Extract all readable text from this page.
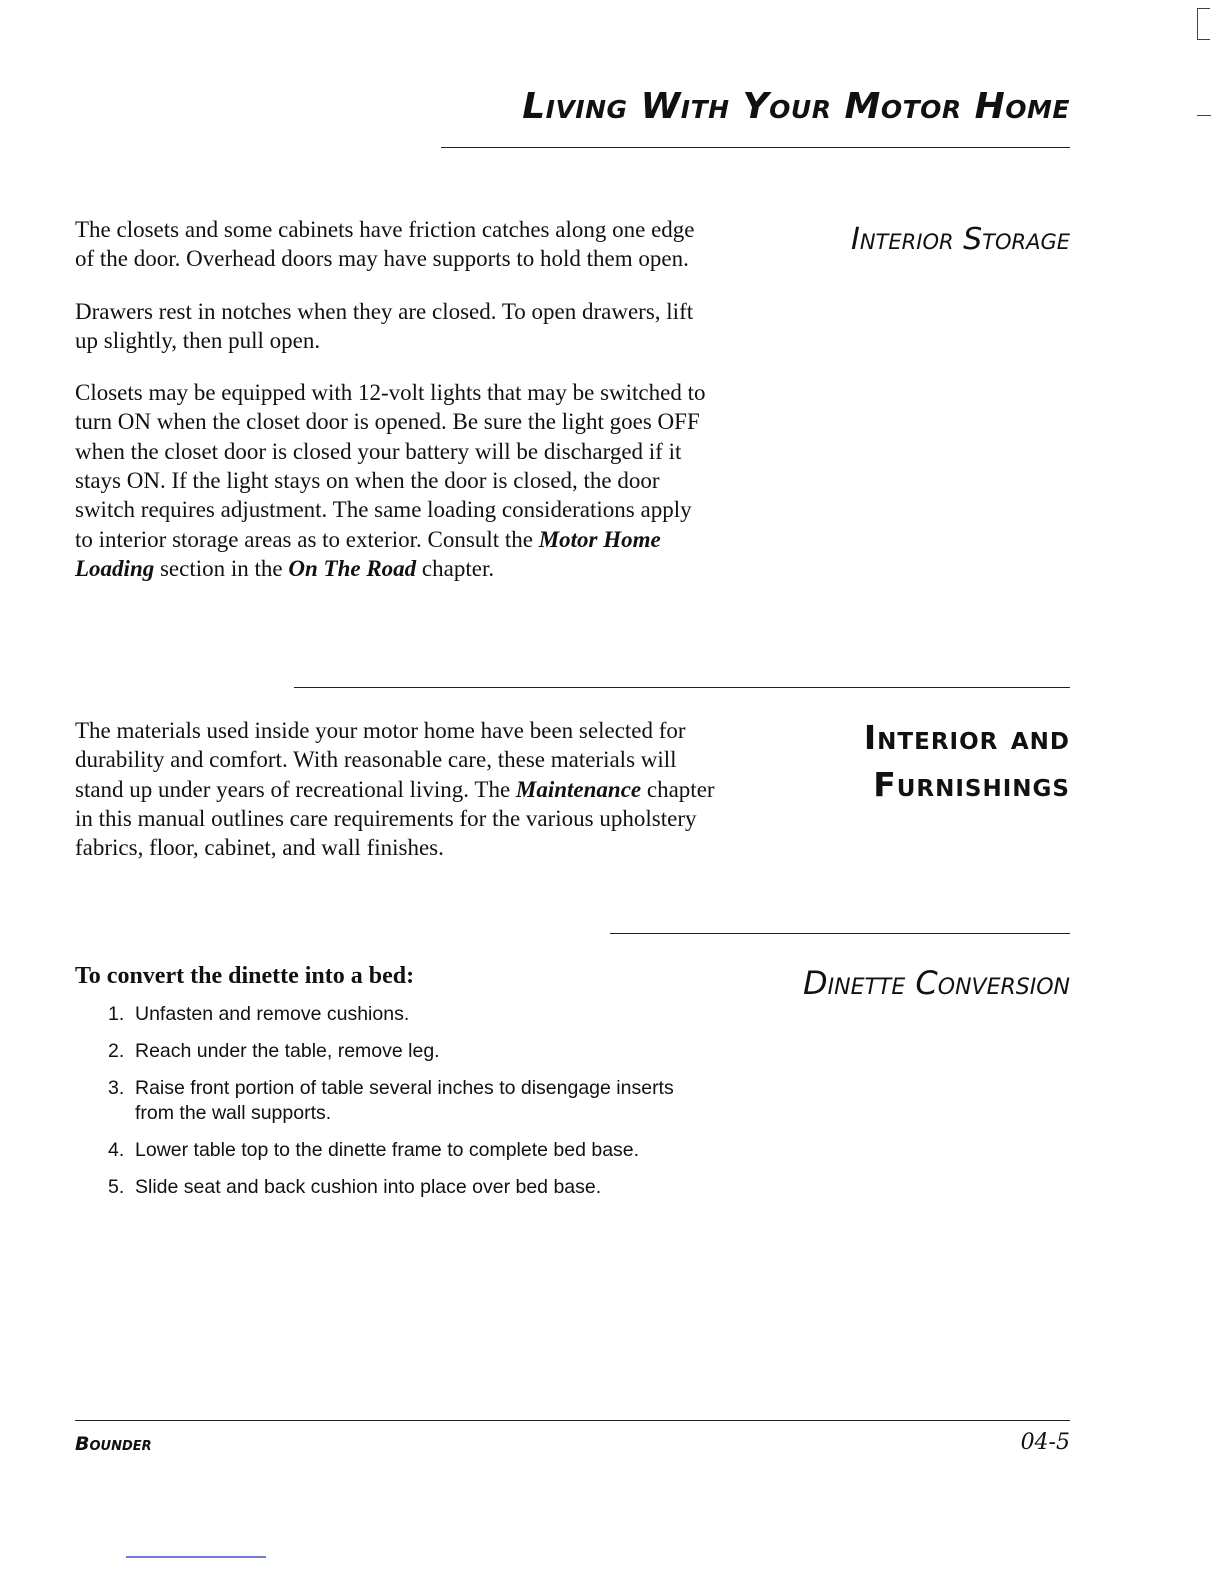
Living With Your Motor Home
Interior Storage

The closets and some cabinets have friction catches along one edge of the door. Overhead doors may have supports to hold them open.

Drawers rest in notches when they are closed. To open drawers, lift up slightly, then pull open.

Closets may be equipped with 12-volt lights that may be switched to turn ON when the closet door is opened. Be sure the light goes OFF when the closet door is closed your battery will be discharged if it stays ON. If the light stays on when the door is closed, the door switch requires adjustment. The same loading considerations apply to interior storage areas as to exterior. Consult the Motor Home Loading section in the On The Road chapter.

Interior and
Furnishings

The materials used inside your motor home have been selected for durability and comfort. With reasonable care, these materials will stand up under years of recreational living. The Maintenance chapter in this manual outlines care requirements for the various upholstery fabrics, floor, cabinet, and wall finishes.

Dinette Conversion
To convert the dinette into a bed:
1. Unfasten and remove cushions.
2. Reach under the table, remove leg.
3. Raise front portion of table several inches to disengage inserts from the wall supports.
4. Lower table top to the dinette frame to complete bed base.
5. Slide seat and back cushion into place over bed base.
Bounder	04-5
